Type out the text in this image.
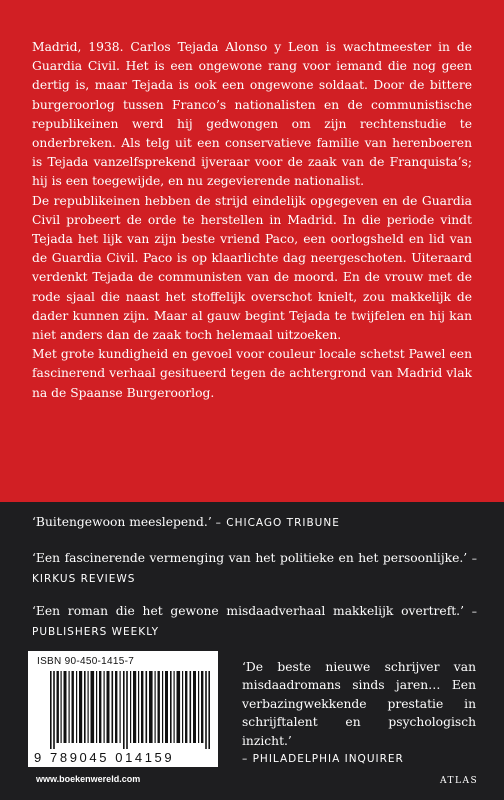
Madrid, 1938. Carlos Tejada Alonso y Leon is wachtmeester in de Guardia Civil. Het is een ongewone rang voor iemand die nog geen dertig is, maar Tejada is ook een ongewone soldaat. Door de bittere burgeroorlog tussen Franco’s nationalisten en de communistische republikeinen werd hij gedwongen om zijn rechtenstudie te onderbreken. Als telg uit een conservatieve familie van herenboeren is Tejada vanzelfsprekend ijveraar voor de zaak van de Franquista’s; hij is een toegewijde, en nu zegevierende nationalist.

De republikeinen hebben de strijd eindelijk opgegeven en de Guardia Civil probeert de orde te herstellen in Madrid. In die periode vindt Tejada het lijk van zijn beste vriend Paco, een oorlogsheld en lid van de Guardia Civil. Paco is op klaarlichte dag neergeschoten. Uiteraard verdenkt Tejada de communisten van de moord. En de vrouw met de rode sjaal die naast het stoffelijk overschot knielt, zou makkelijk de dader kunnen zijn. Maar al gauw begint Tejada te twijfelen en hij kan niet anders dan de zaak toch helemaal uitzoeken.

Met grote kundigheid en gevoel voor couleur locale schetst Pawel een fascinerend verhaal gesitueerd tegen de achtergrond van Madrid vlak na de Spaanse Burgeroorlog.

‘Buitengewoon meeslepend.’ – CHICAGO TRIBUNE
‘Een fascinerende vermenging van het politieke en het persoonlijke.’ – KIRKUS REVIEWS
‘Een roman die het gewone misdaadverhaal makkelijk overtreft.’ – PUBLISHERS WEEKLY
‘De beste nieuwe schrijver van misdaadromans sinds jaren… Een verbazingwekkende prestatie in schrijftalent en psychologisch inzicht.’
– PHILADELPHIA INQUIRER
ISBN 90-450-1415-7
9 789045 014159
www.boekenwereld.com	ATLAS
